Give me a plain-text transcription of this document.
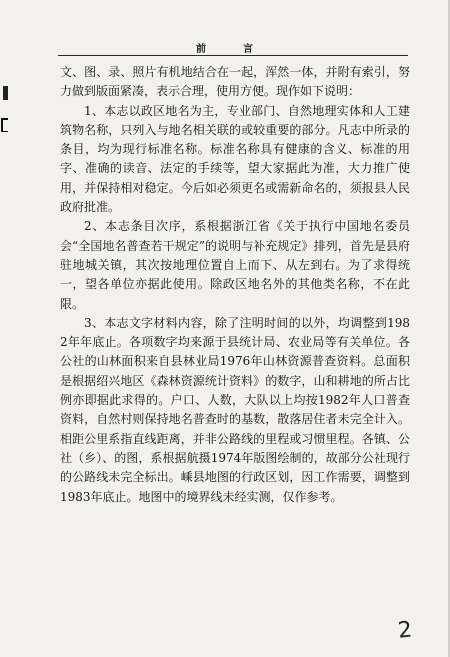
前	言

文、图、录、照片有机地结合在一起，浑然一体，并附有索引，努力做到版面紧凑，表示合理，使用方便。现作如下说明：

1、本志以政区地名为主，专业部门、自然地理实体和人工建筑物名称，只列入与地名相关联的或较重要的部分。凡志中所录的条目，均为现行标准名称。标准名称具有健康的含义、标准的用字、准确的读音、法定的手续等，望大家据此为准，大力推广使用，并保持相对稳定。今后如必须更名或需新命名的，须报县人民政府批准。

2、本志条目次序，系根据浙江省《关于执行中国地名委员会“全国地名普查若干规定”的说明与补充规定》排列，首先是县府驻地城关镇，其次按地理位置自上而下、从左到右。为了求得统一，望各单位亦据此使用。除政区地名外的其他类名称，不在此限。

3、本志文字材料内容，除了注明时间的以外，均调整到1982年年底止。各项数字均来源于县统计局、农业局等有关单位。各公社的山林面积来自县林业局1976年山林资源普查资料。总面积是根据绍兴地区《森林资源统计资料》的数字，山和耕地的所占比例亦即据此求得的。户口、人数，大队以上均按1982年人口普查资料，自然村则保持地名普查时的基数，散落居住者未完全计入。相距公里系指直线距离，并非公路线的里程或习惯里程。各镇、公社（乡）、的图，系根据航摄1974年版图绘制的，故部分公社现行的公路线未完全标出。嵊县地图的行政区划，因工作需要，调整到1983年底止。地图中的境界线未经实测，仅作参考。

2
